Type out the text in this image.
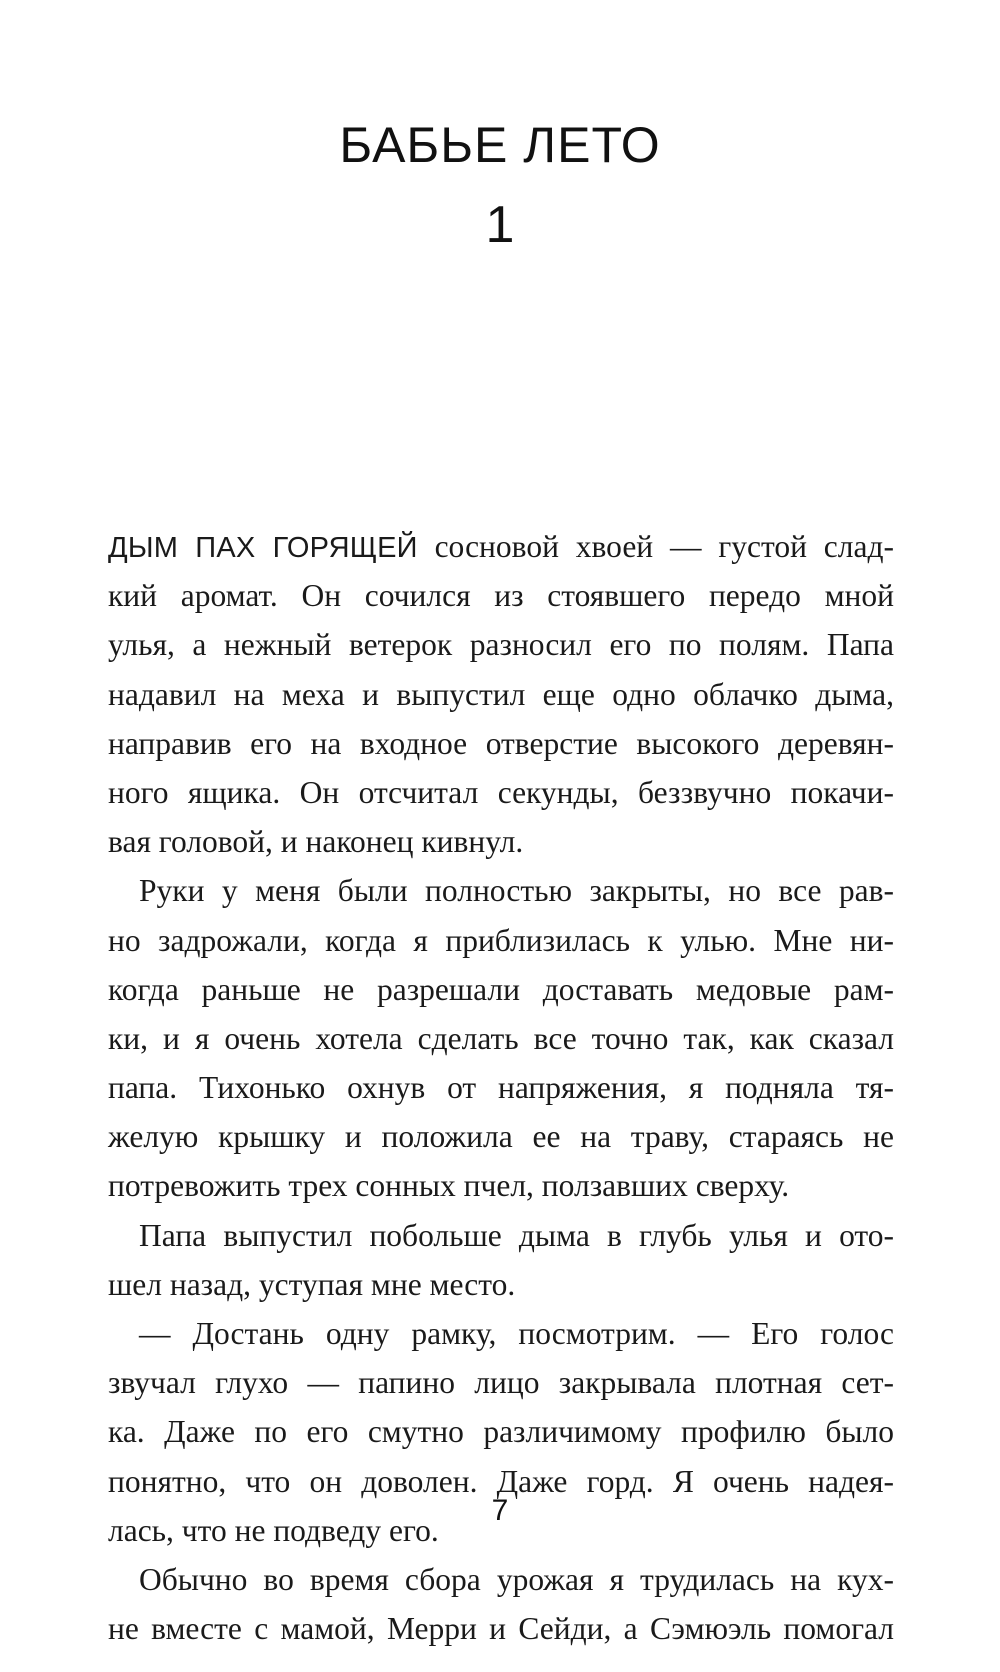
БАБЬЕ ЛЕТО
1

ДЫМ ПАХ ГОРЯЩЕЙ сосновой хвоей — густой слад-
кий аромат. Он сочился из стоявшего передо мной
улья, а нежный ветерок разносил его по полям. Папа
надавил на меха и выпустил еще одно облачко дыма,
направив его на входное отверстие высокого деревян-
ного ящика. Он отсчитал секунды, беззвучно покачи-
вая головой, и наконец кивнул.

Руки у меня были полностью закрыты, но все рав-
но задрожали, когда я приблизилась к улью. Мне ни-
когда раньше не разрешали доставать медовые рам-
ки, и я очень хотела сделать все точно так, как сказал
папа. Тихонько охнув от напряжения, я подняла тя-
желую крышку и положила ее на траву, стараясь не
потревожить трех сонных пчел, ползавших сверху.

Папа выпустил побольше дыма в глубь улья и ото-
шел назад, уступая мне место.

— Достань одну рамку, посмотрим. — Его голос
звучал глухо — папино лицо закрывала плотная сет-
ка. Даже по его смутно различимому профилю было
понятно, что он доволен. Даже горд. Я очень надея-
лась, что не подведу его.

Обычно во время сбора урожая я трудилась на кух-
не вместе с мамой, Мерри и Сейди, а Сэмюэль помогал

7
